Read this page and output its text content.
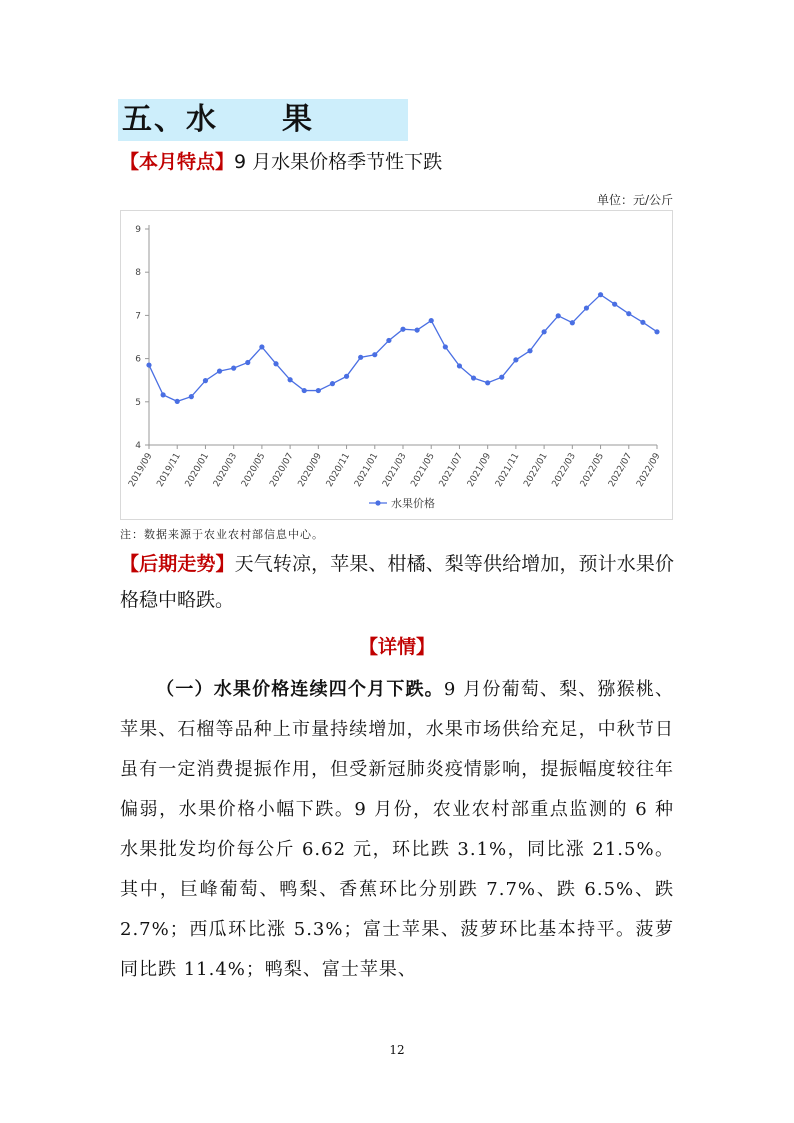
五、水　　果
【本月特点】9 月水果价格季节性下跌
单位：元/公斤
4
5
6
7
8
9
2019/09 2019/11 2020/01 2020/03 2020/05 2020/07 2020/09 2020/11 2021/01 2021/03 2021/05 2021/07 2021/09 2021/11 2022/01 2022/03 2022/05 2022/07 2022/09
水果价格
注：数据来源于农业农村部信息中心。
【后期走势】天气转凉，苹果、柑橘、梨等供给增加，预计水果价格稳中略跌。
【详情】
（一）水果价格连续四个月下跌。9 月份葡萄、梨、猕猴桃、苹果、石榴等品种上市量持续增加，水果市场供给充足，中秋节日虽有一定消费提振作用，但受新冠肺炎疫情影响，提振幅度较往年偏弱，水果价格小幅下跌。9 月份，农业农村部重点监测的 6 种水果批发均价每公斤 6.62 元，环比跌 3.1%，同比涨 21.5%。其中，巨峰葡萄、鸭梨、香蕉环比分别跌 7.7%、跌 6.5%、跌 2.7%；西瓜环比涨 5.3%；富士苹果、菠萝环比基本持平。菠萝同比跌 11.4%；鸭梨、富士苹果、
12
